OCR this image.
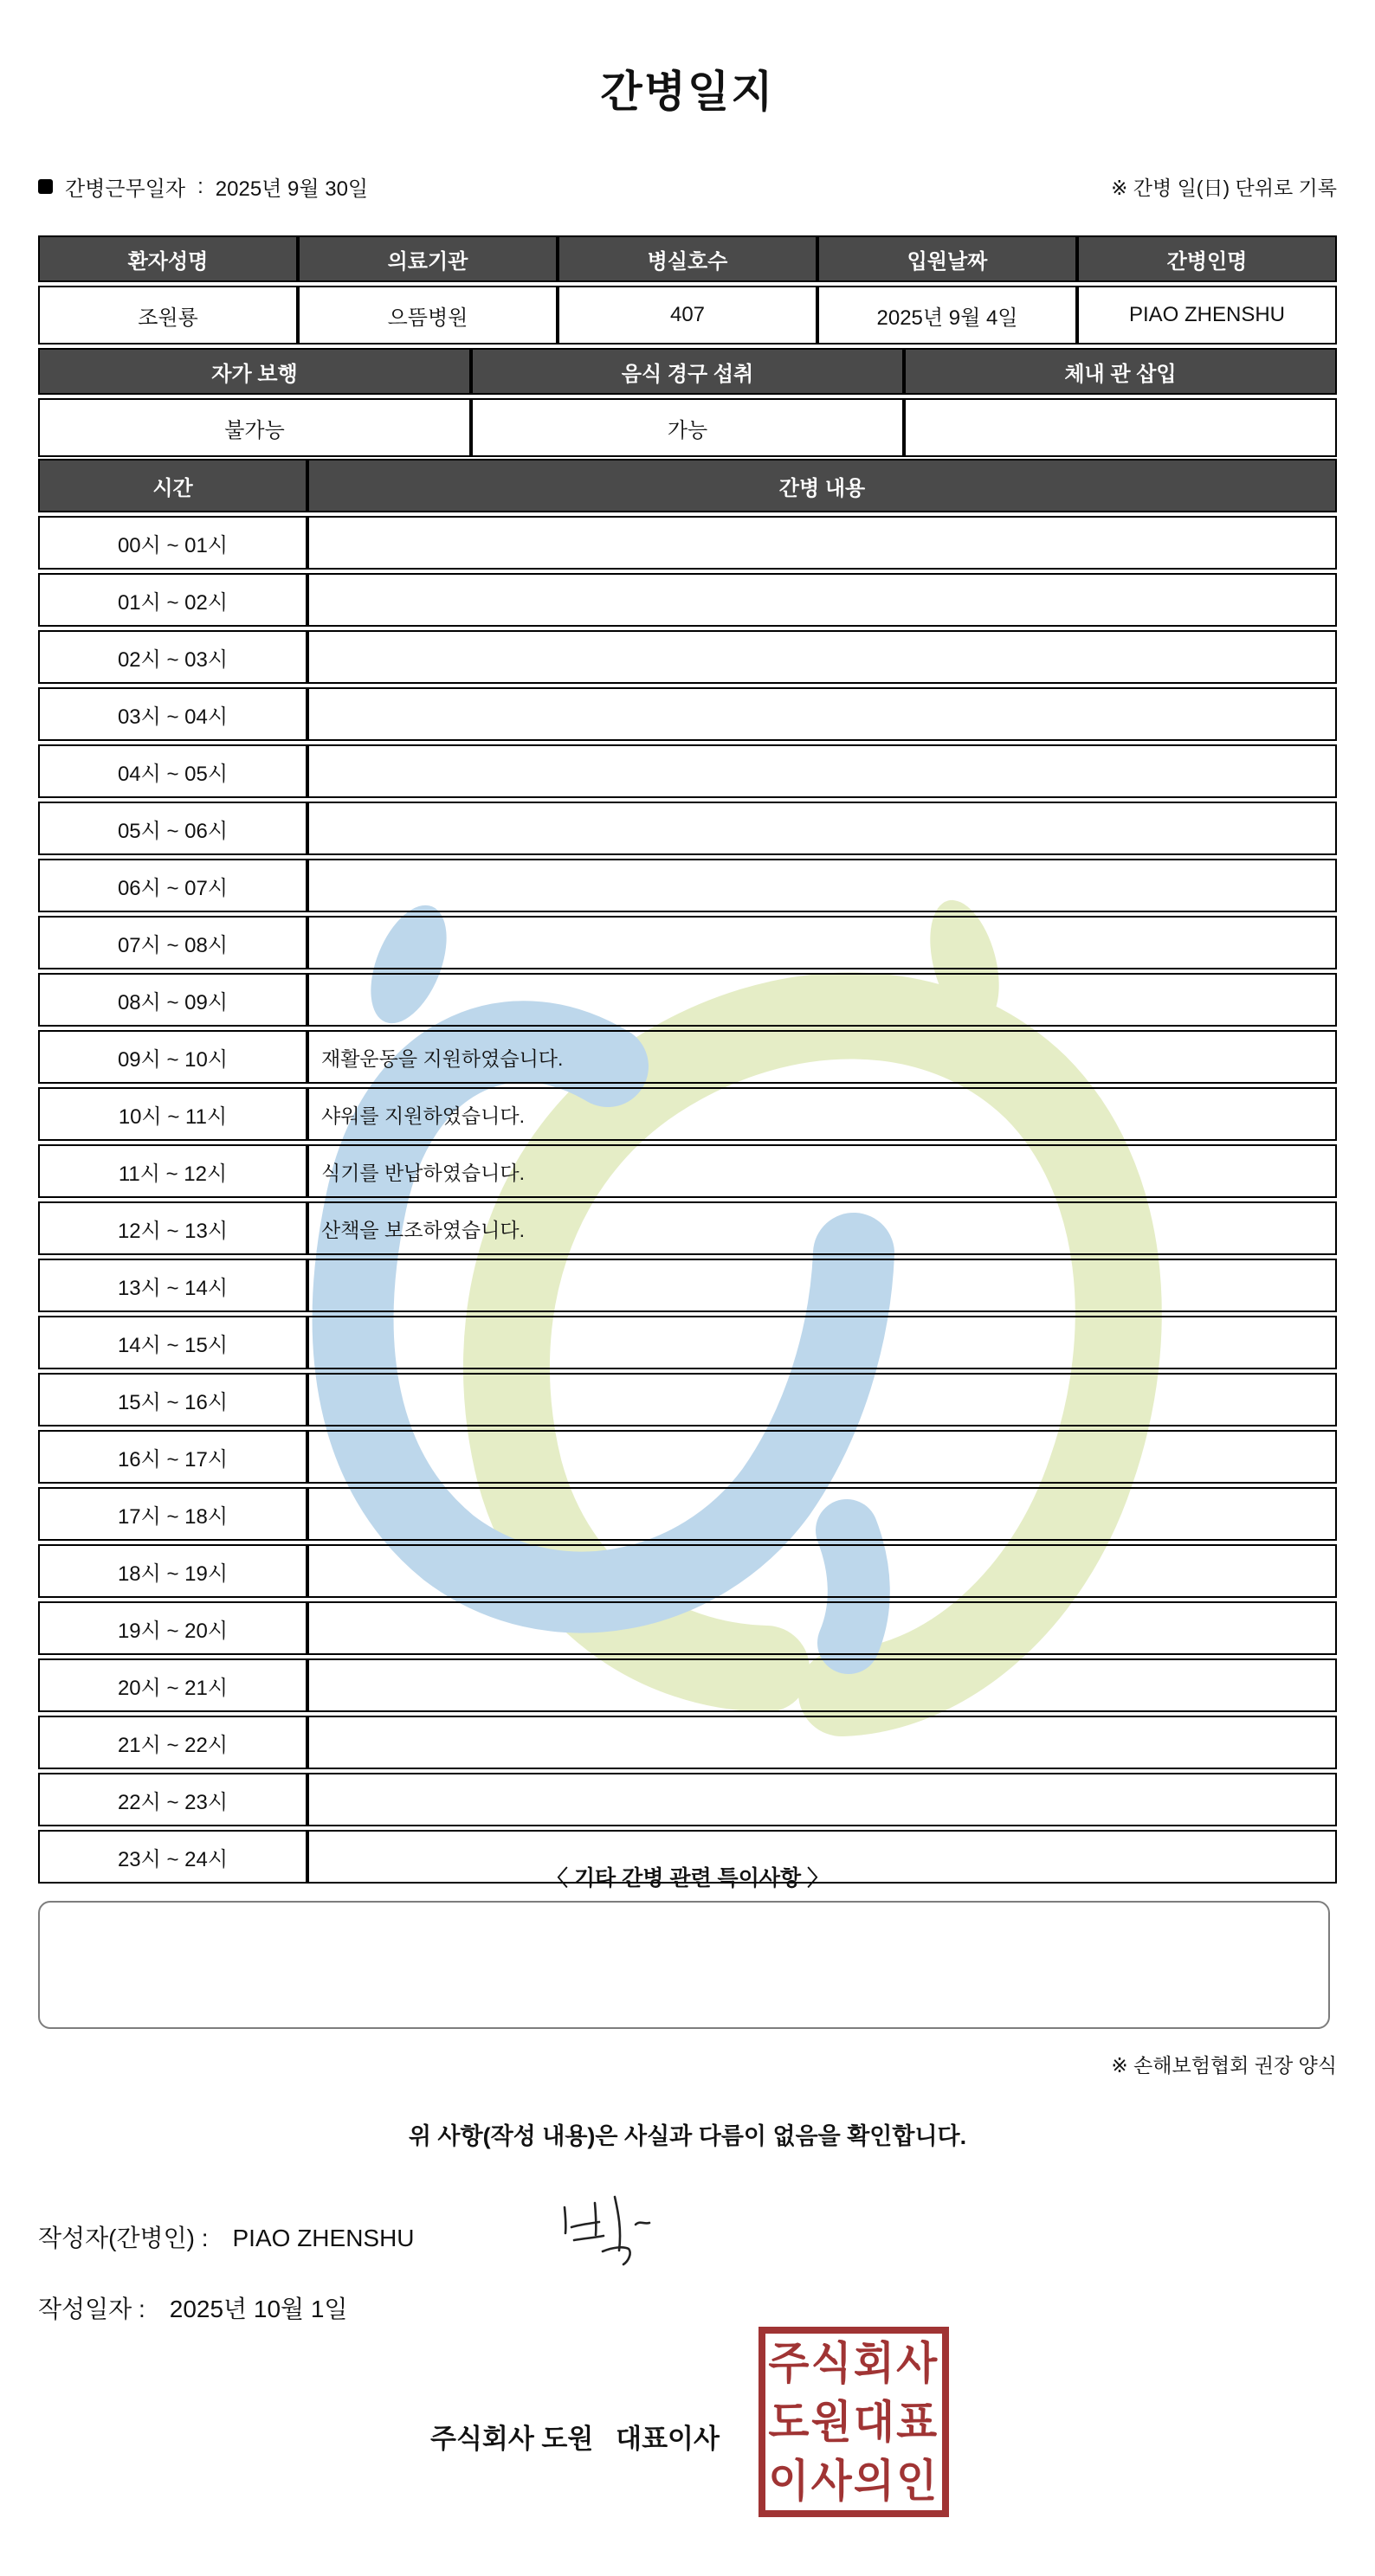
간병일지
간병근무일자 : 2025년 9월 30일	※ 간병 일(日) 단위로 기록
환자성명	의료기관	병실호수	입원날짜	간병인명
조원룡	으뜸병원	407	2025년 9월 4일	PIAO ZHENSHU
자가 보행	음식 경구 섭취	체내 관 삽입
불가능	가능	
시간	간병 내용
00시 ~ 01시	
01시 ~ 02시	
02시 ~ 03시	
03시 ~ 04시	
04시 ~ 05시	
05시 ~ 06시	
06시 ~ 07시	
07시 ~ 08시	
08시 ~ 09시	
09시 ~ 10시	재활운동을 지원하였습니다.
10시 ~ 11시	샤워를 지원하였습니다.
11시 ~ 12시	식기를 반납하였습니다.
12시 ~ 13시	산책을 보조하였습니다.
13시 ~ 14시	
14시 ~ 15시	
15시 ~ 16시	
16시 ~ 17시	
17시 ~ 18시	
18시 ~ 19시	
19시 ~ 20시	
20시 ~ 21시	
21시 ~ 22시	
22시 ~ 23시	
23시 ~ 24시	
〈 기타 간병 관련 특이사항 〉
※ 손해보험협회 권장 양식
위 사항(작성 내용)은 사실과 다름이 없음을 확인합니다.
작성자(간병인) : PIAO ZHENSHU
작성일자 : 2025년 10월 1일
주식회사 도원   대표이사
주식회사
도원대표
이사의인
